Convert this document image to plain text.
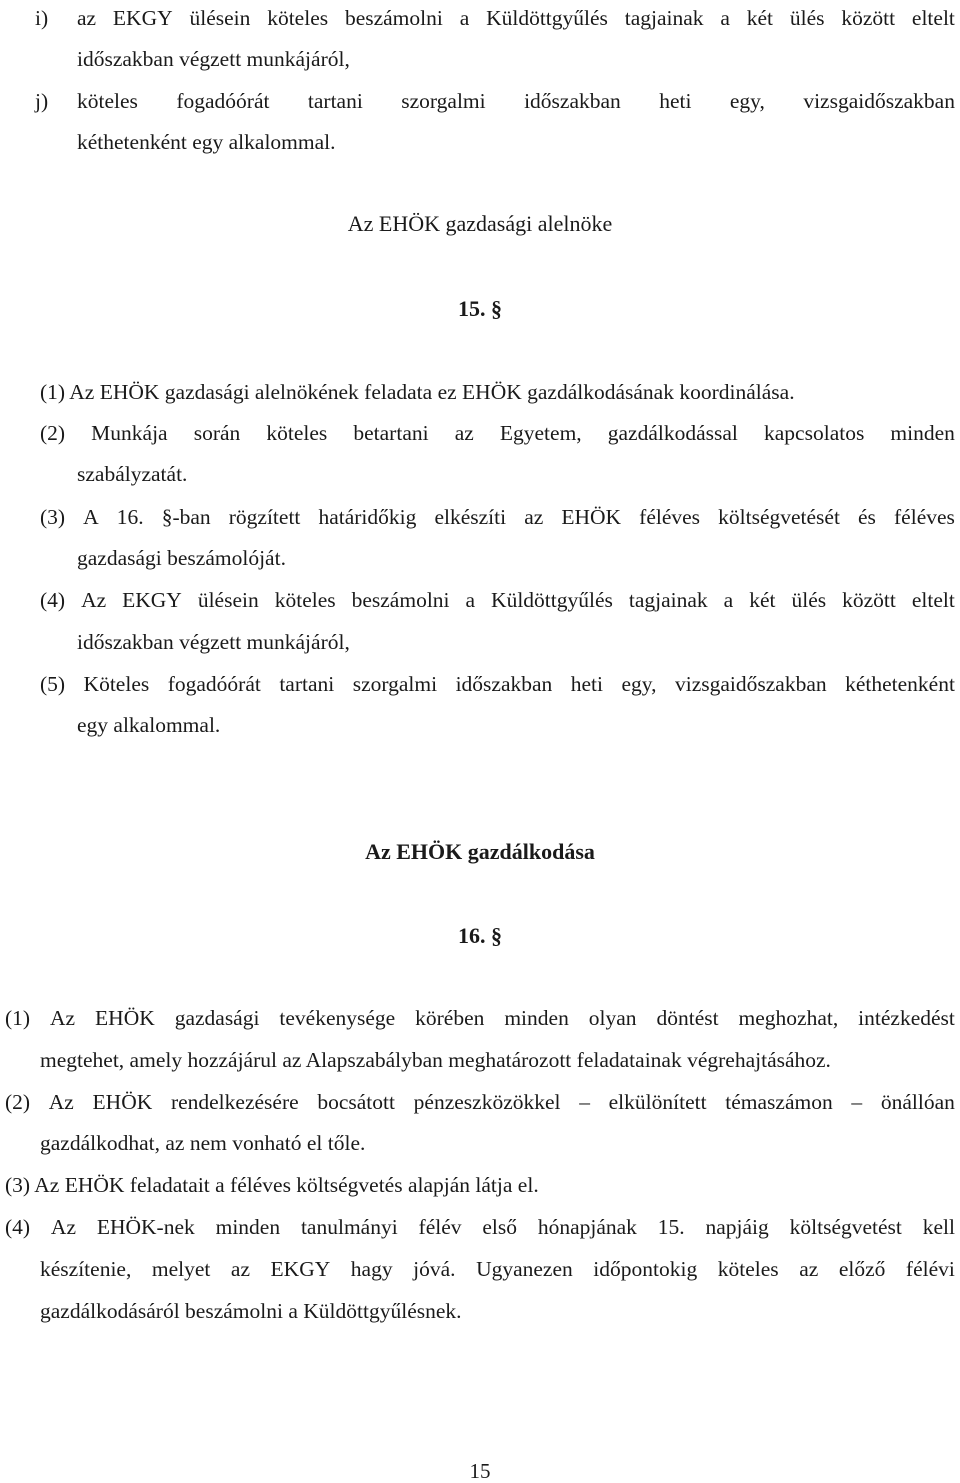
i) az EKGY ülésein köteles beszámolni a Küldöttgyűlés tagjainak a két ülés között eltelt
időszakban végzett munkájáról,
j) köteles fogadóórát tartani szorgalmi időszakban heti egy, vizsgaidőszakban
kéthetenként egy alkalommal.
Az EHÖK gazdasági alelnöke
15. §
(1) Az EHÖK gazdasági alelnökének feladata ez EHÖK gazdálkodásának koordinálása.
(2) Munkája során köteles betartani az Egyetem, gazdálkodással kapcsolatos minden
szabályzatát.
(3) A 16. §-ban rögzített határidőkig elkészíti az EHÖK féléves költségvetését és féléves
gazdasági beszámolóját.
(4) Az EKGY ülésein köteles beszámolni a Küldöttgyűlés tagjainak a két ülés között eltelt
időszakban végzett munkájáról,
(5) Köteles fogadóórát tartani szorgalmi időszakban heti egy, vizsgaidőszakban kéthetenként
egy alkalommal.
Az EHÖK gazdálkodása
16. §
(1) Az EHÖK gazdasági tevékenysége körében minden olyan döntést meghozhat, intézkedést
megtehet, amely hozzájárul az Alapszabályban meghatározott feladatainak végrehajtásához.
(2) Az EHÖK rendelkezésére bocsátott pénzeszközökkel – elkülönített témaszámon – önállóan
gazdálkodhat, az nem vonható el tőle.
(3) Az EHÖK feladatait a féléves költségvetés alapján látja el.
(4) Az EHÖK-nek minden tanulmányi félév első hónapjának 15. napjáig költségvetést kell
készítenie, melyet az EKGY hagy jóvá. Ugyanezen időpontokig köteles az előző félévi
gazdálkodásáról beszámolni a Küldöttgyűlésnek.
15
